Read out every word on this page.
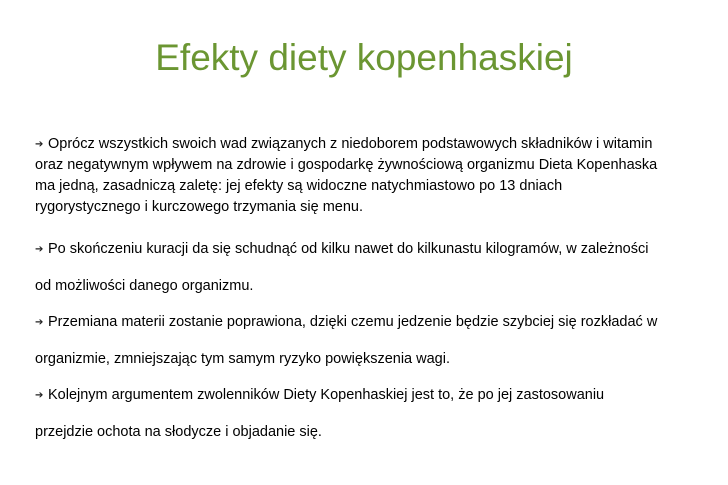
Efekty diety kopenhaskiej

➔ Oprócz wszystkich swoich wad związanych z niedoborem podstawowych składników i witamin
oraz negatywnym wpływem na zdrowie i gospodarkę żywnościową organizmu Dieta Kopenhaska
ma jedną, zasadniczą zaletę: jej efekty są widoczne natychmiastowo po 13 dniach
rygorystycznego i kurczowego trzymania się menu.

➔ Po skończeniu kuracji da się schudnąć od kilku nawet do kilkunastu kilogramów, w zależności
od możliwości danego organizmu.

➔ Przemiana materii zostanie poprawiona, dzięki czemu jedzenie będzie szybciej się rozkładać w
organizmie, zmniejszając tym samym ryzyko powiększenia wagi.

➔ Kolejnym argumentem zwolenników Diety Kopenhaskiej jest to, że po jej zastosowaniu
przejdzie ochota na słodycze i objadanie się.
